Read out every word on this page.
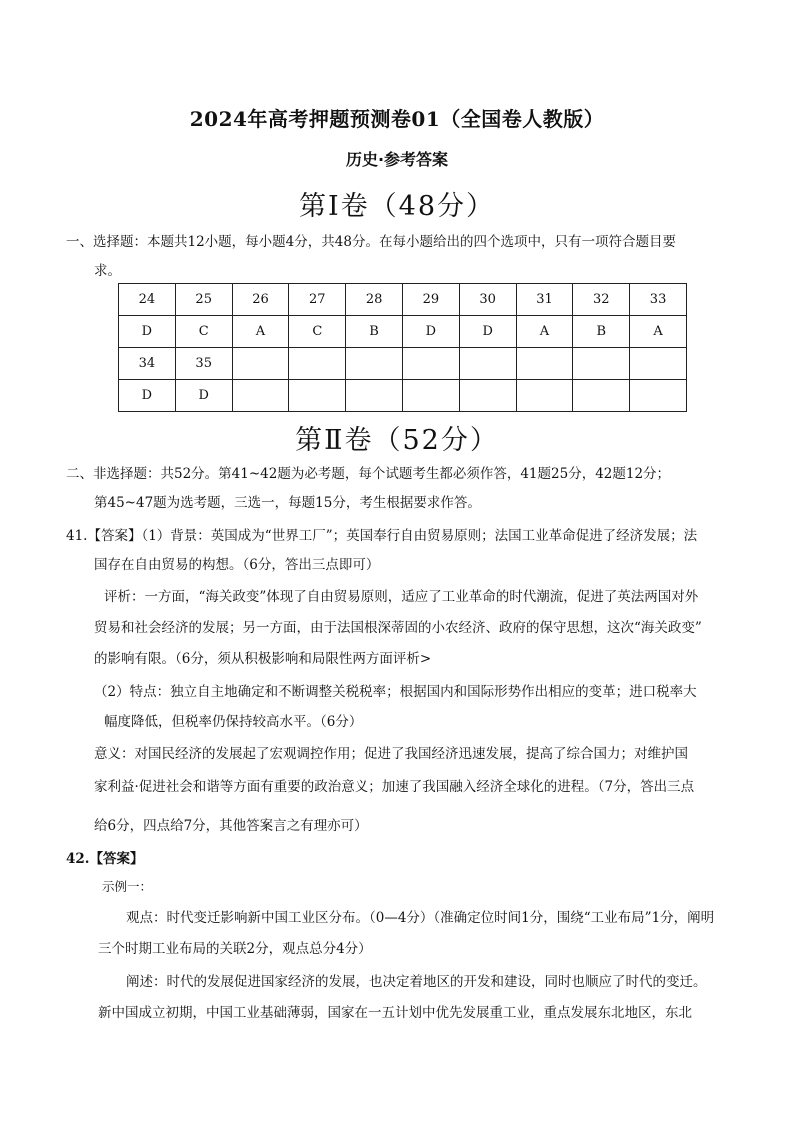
2024年高考押题预测卷01（全国卷人教版）
历史·参考答案
第Ⅰ卷（48分）
一、选择题：本题共12小题，每小题4分，共48分。在每小题给出的四个选项中，只有一项符合题目要
求。
24	25	26	27	28	29	30	31	32	33
D	C	A	C	B	D	D	A	B	A
34	35								
D	D								
第Ⅱ卷（52分）
二、非选择题：共52分。第41~42题为必考题，每个试题考生都必须作答，41题25分，42题12分；
第45~47题为选考题，三选一，每题15分，考生根据要求作答。
41.【答案】（1）背景：英国成为“世界工厂”；英国奉行自由贸易原则；法国工业革命促进了经济发展；法
国存在自由贸易的构想。（6分，答出三点即可）
评析：一方面，“海关政变”体现了自由贸易原则，适应了工业革命的时代潮流，促进了英法两国对外
贸易和社会经济的发展；另一方面，由于法国根深蒂固的小农经济、政府的保守思想，这次“海关政变”
的影响有限。（6分，须从积极影响和局限性两方面评析>
（2）特点：独立自主地确定和不断调整关税税率；根据国内和国际形势作出相应的变革；进口税率大
幅度降低，但税率仍保持较高水平。（6分）
意义：对国民经济的发展起了宏观调控作用；促进了我国经济迅速发展，提高了综合国力；对维护国
家利益·促进社会和谐等方面有重要的政治意义；加速了我国融入经济全球化的进程。（7分，答出三点
给6分，四点给7分，其他答案言之有理亦可）
42.【答案】
示例一：
观点：时代变迁影响新中国工业区分布。（0—4分）（准确定位时间1分，围绕“工业布局”1分，阐明
三个时期工业布局的关联2分，观点总分4分）
阐述：时代的发展促进国家经济的发展，也决定着地区的开发和建设，同时也顺应了时代的变迁。
新中国成立初期，中国工业基础薄弱，国家在一五计划中优先发展重工业，重点发展东北地区，东北
